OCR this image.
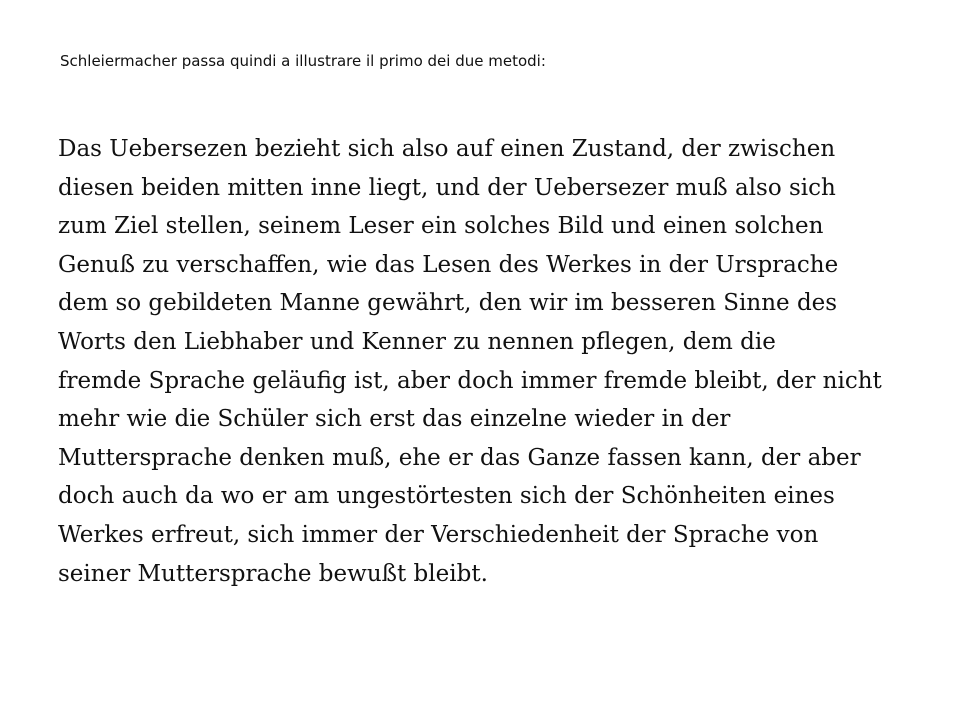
Schleiermacher passa quindi a illustrare il primo dei due metodi:

Das Uebersezen bezieht sich also auf einen Zustand, der zwischen
diesen beiden mitten inne liegt, und der Uebersezer muß also sich
zum Ziel stellen, seinem Leser ein solches Bild und einen solchen
Genuß zu verschaffen, wie das Lesen des Werkes in der Ursprache
dem so gebildeten Manne gewährt, den wir im besseren Sinne des
Worts den Liebhaber und Kenner zu nennen pflegen, dem die
fremde Sprache geläufig ist, aber doch immer fremde bleibt, der nicht
mehr wie die Schüler sich erst das einzelne wieder in der
Muttersprache denken muß, ehe er das Ganze fassen kann, der aber
doch auch da wo er am ungestörtesten sich der Schönheiten eines
Werkes erfreut, sich immer der Verschiedenheit der Sprache von
seiner Muttersprache bewußt bleibt.
